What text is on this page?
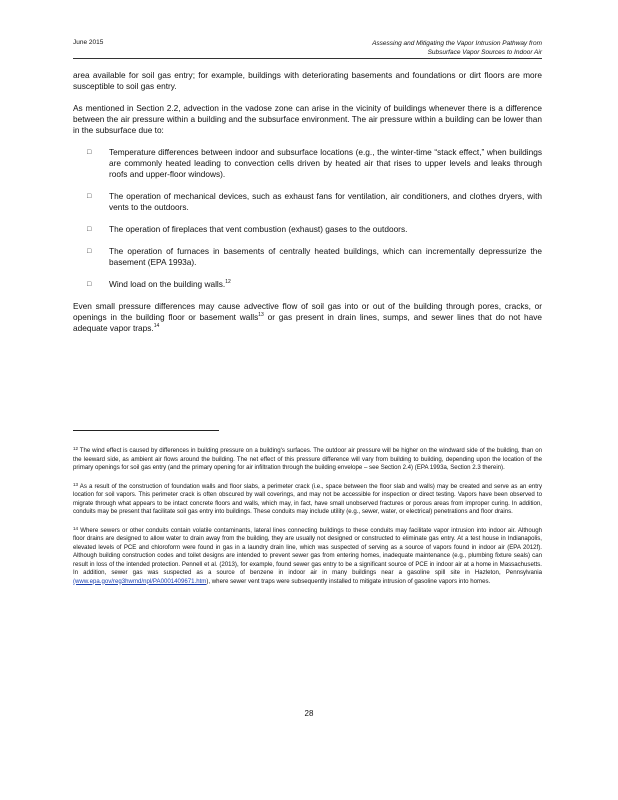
June 2015	Assessing and Mitigating the Vapor Intrusion Pathway from
Subsurface Vapor Sources to Indoor Air

area available for soil gas entry; for example, buildings with deteriorating basements and foundations or dirt floors are more susceptible to soil gas entry.

As mentioned in Section 2.2, advection in the vadose zone can arise in the vicinity of buildings whenever there is a difference between the air pressure within a building and the subsurface environment. The air pressure within a building can be lower than in the subsurface due to:

□	Temperature differences between indoor and subsurface locations (e.g., the winter-time “stack effect,” when buildings are commonly heated leading to convection cells driven by heated air that rises to upper levels and leaks through roofs and upper-floor windows).
□	The operation of mechanical devices, such as exhaust fans for ventilation, air conditioners, and clothes dryers, with vents to the outdoors.
□	The operation of fireplaces that vent combustion (exhaust) gases to the outdoors.
□	The operation of furnaces in basements of centrally heated buildings, which can incrementally depressurize the basement (EPA 1993a).
□	Wind load on the building walls.$^{12}$

Even small pressure differences may cause advective flow of soil gas into or out of the building through pores, cracks, or openings in the building floor or basement walls$^{13}$ or gas present in drain lines, sumps, and sewer lines that do not have adequate vapor traps.$^{14}$

$^{12}$ The wind effect is caused by differences in building pressure on a building's surfaces. The outdoor air pressure will be higher on the windward side of the building, than on the leeward side, as ambient air flows around the building. The net effect of this pressure difference will vary from building to building, depending upon the location of the primary openings for soil gas entry (and the primary opening for air infiltration through the building envelope – see Section 2.4) (EPA 1993a, Section 2.3 therein).
$^{13}$ As a result of the construction of foundation walls and floor slabs, a perimeter crack (i.e., space between the floor slab and walls) may be created and serve as an entry location for soil vapors. This perimeter crack is often obscured by wall coverings, and may not be accessible for inspection or direct testing. Vapors have been observed to migrate through what appears to be intact concrete floors and walls, which may, in fact, have small unobserved fractures or porous areas from improper curing. In addition, conduits may be present that facilitate soil gas entry into buildings. These conduits may include utility (e.g., sewer, water, or electrical) penetrations and floor drains.
$^{14}$ Where sewers or other conduits contain volatile contaminants, lateral lines connecting buildings to these conduits may facilitate vapor intrusion into indoor air. Although floor drains are designed to allow water to drain away from the building, they are usually not designed or constructed to eliminate gas entry. At a test house in Indianapolis, elevated levels of PCE and chloroform were found in gas in a laundry drain line, which was suspected of serving as a source of vapors found in indoor air (EPA 2012f). Although building construction codes and toilet designs are intended to prevent sewer gas from entering homes, inadequate maintenance (e.g., plumbing fixture seals) can result in loss of the intended protection. Pennell et al. (2013), for example, found sewer gas entry to be a significant source of PCE in indoor air at a home in Massachusetts. In addition, sewer gas was suspected as a source of benzene in indoor air in many buildings near a gasoline spill site in Hazleton, Pennsylvania (www.epa.gov/reg3hwmd/npl/PA0001409671.htm), where sewer vent traps were subsequently installed to mitigate intrusion of gasoline vapors into homes.
28
